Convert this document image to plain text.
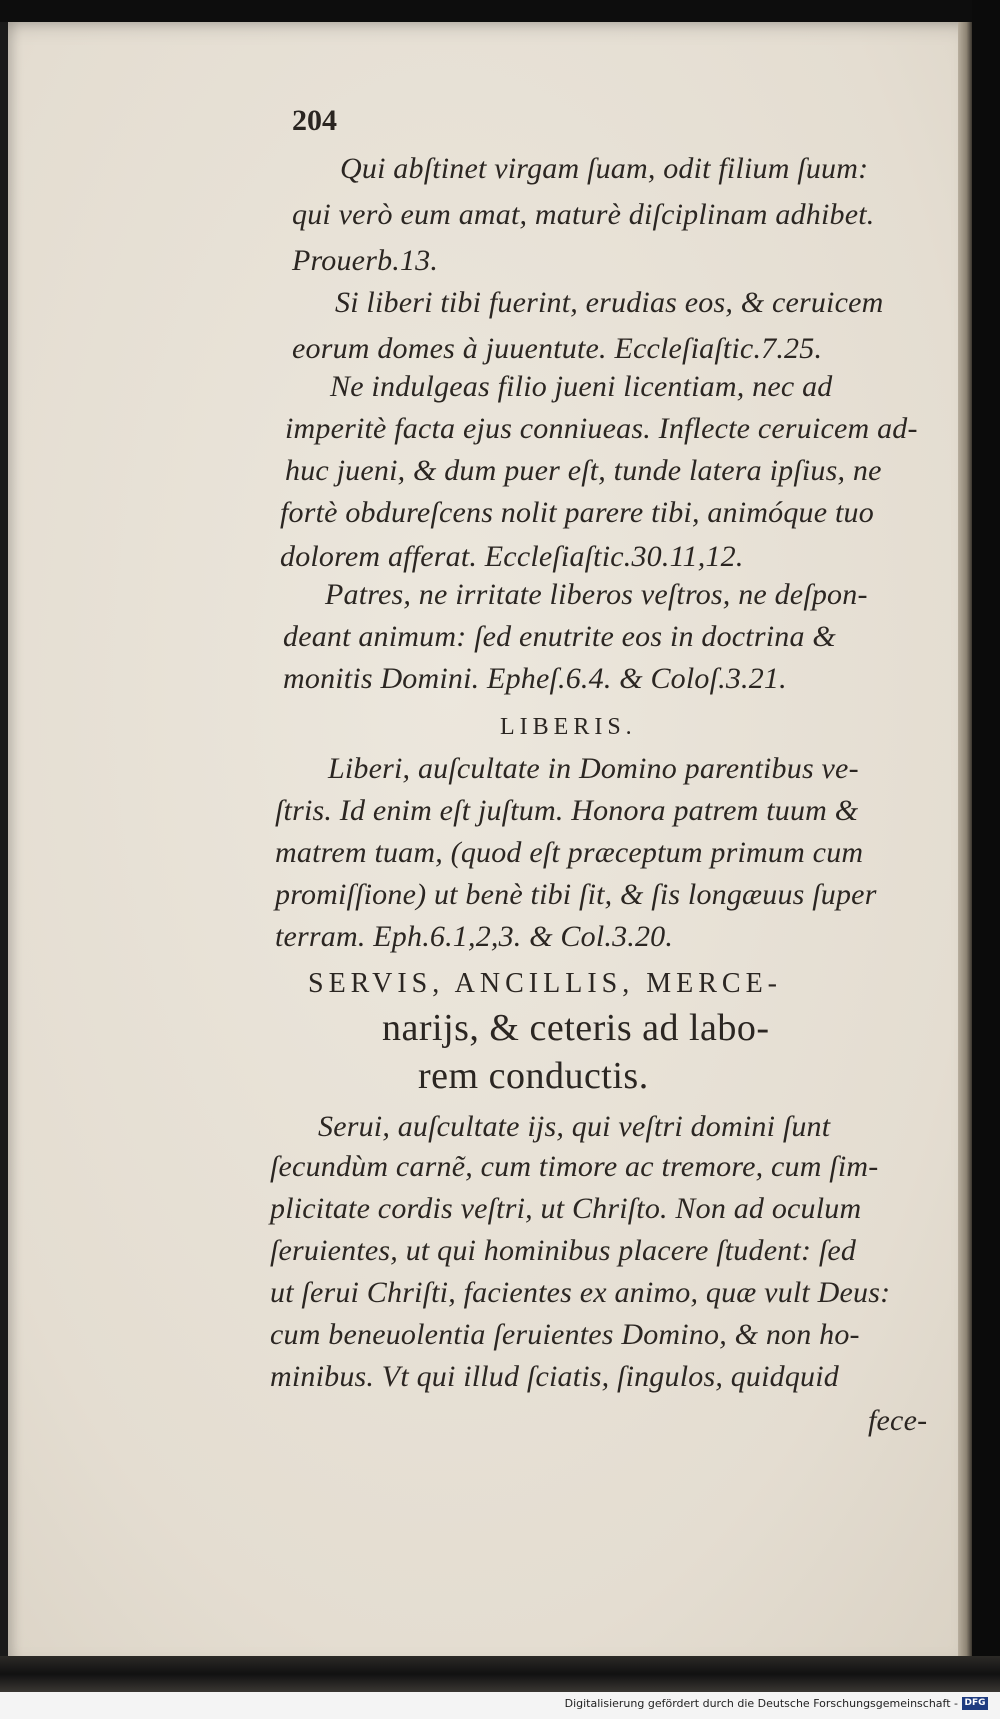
204
Qui abſtinet virgam ſuam, odit filium ſuum:
qui verò eum amat, maturè diſciplinam adhibet.
Prouerb.13.
Si liberi tibi fuerint, erudias eos, & ceruicem
eorum domes à juuentute. Eccleſiaſtic.7.25.
Ne indulgeas filio jueni licentiam, nec ad
imperitè facta ejus conniueas. Inflecte ceruicem ad-
huc jueni, & dum puer eſt, tunde latera ipſius, ne
fortè obdureſcens nolit parere tibi, animóque tuo
dolorem afferat. Eccleſiaſtic.30.11,12.
Patres, ne irritate liberos veſtros, ne deſpon-
deant animum: ſed enutrite eos in doctrina &
monitis Domini. Epheſ.6.4. & Coloſ.3.21.
LIBERIS.
Liberi, auſcultate in Domino parentibus ve-
ſtris. Id enim eſt juſtum. Honora patrem tuum &
matrem tuam, (quod eſt præceptum primum cum
promiſſione) ut benè tibi ſit, & ſis longæuus ſuper
terram. Eph.6.1,2,3. & Col.3.20.
SERVIS, ANCILLIS, MERCE-
narijs, & ceteris ad labo-
rem conductis.
Serui, auſcultate ijs, qui veſtri domini ſunt
ſecundùm carnẽ, cum timore ac tremore, cum ſim-
plicitate cordis veſtri, ut Chriſto. Non ad oculum
ſeruientes, ut qui hominibus placere ſtudent: ſed
ut ſerui Chriſti, facientes ex animo, quæ vult Deus:
cum beneuolentia ſeruientes Domino, & non ho-
minibus. Vt qui illud ſciatis, ſingulos, quidquid
fece-
Digitalisierung gefördert durch die Deutsche Forschungsgemeinschaft - DFG
